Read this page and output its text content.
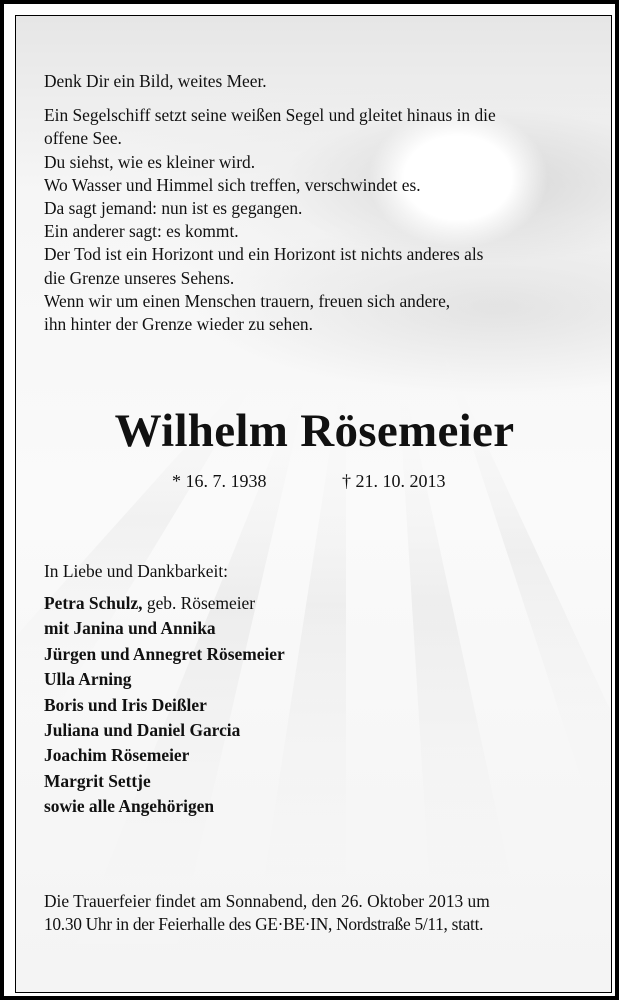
Denk Dir ein Bild, weites Meer.
Ein Segelschiff setzt seine weißen Segel und gleitet hinaus in die
offene See.
Du siehst, wie es kleiner wird.
Wo Wasser und Himmel sich treffen, verschwindet es.
Da sagt jemand: nun ist es gegangen.
Ein anderer sagt: es kommt.
Der Tod ist ein Horizont und ein Horizont ist nichts anderes als
die Grenze unseres Sehens.
Wenn wir um einen Menschen trauern, freuen sich andere,
ihn hinter der Grenze wieder zu sehen.
Wilhelm Rösemeier
* 16. 7. 1938	† 21. 10. 2013
In Liebe und Dankbarkeit:
Petra Schulz, geb. Rösemeier
mit Janina und Annika
Jürgen und Annegret Rösemeier
Ulla Arning
Boris und Iris Deißler
Juliana und Daniel Garcia
Joachim Rösemeier
Margrit Settje
sowie alle Angehörigen
Die Trauerfeier findet am Sonnabend, den 26. Oktober 2013 um
10.30 Uhr in der Feierhalle des GE·BE·IN, Nordstraße 5/11, statt.
